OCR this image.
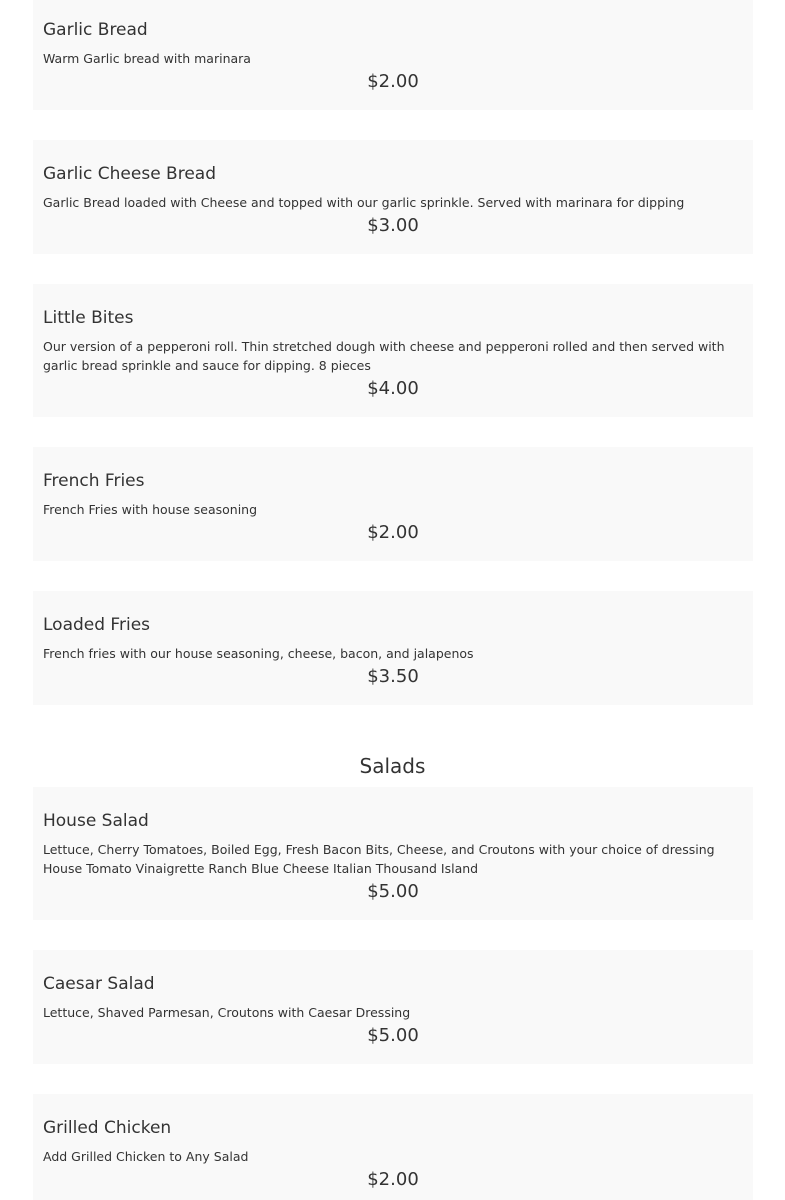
Garlic Bread
Warm Garlic bread with marinara
$2.00
Garlic Cheese Bread
Garlic Bread loaded with Cheese and topped with our garlic sprinkle. Served with marinara for dipping
$3.00
Little Bites
Our version of a pepperoni roll. Thin stretched dough with cheese and pepperoni rolled and then served with garlic bread sprinkle and sauce for dipping. 8 pieces
$4.00
French Fries
French Fries with house seasoning
$2.00
Loaded Fries
French fries with our house seasoning, cheese, bacon, and jalapenos
$3.50
Salads
House Salad
Lettuce, Cherry Tomatoes, Boiled Egg, Fresh Bacon Bits, Cheese, and Croutons with your choice of dressing House Tomato Vinaigrette Ranch Blue Cheese Italian Thousand Island
$5.00
Caesar Salad
Lettuce, Shaved Parmesan, Croutons with Caesar Dressing
$5.00
Grilled Chicken
Add Grilled Chicken to Any Salad
$2.00
